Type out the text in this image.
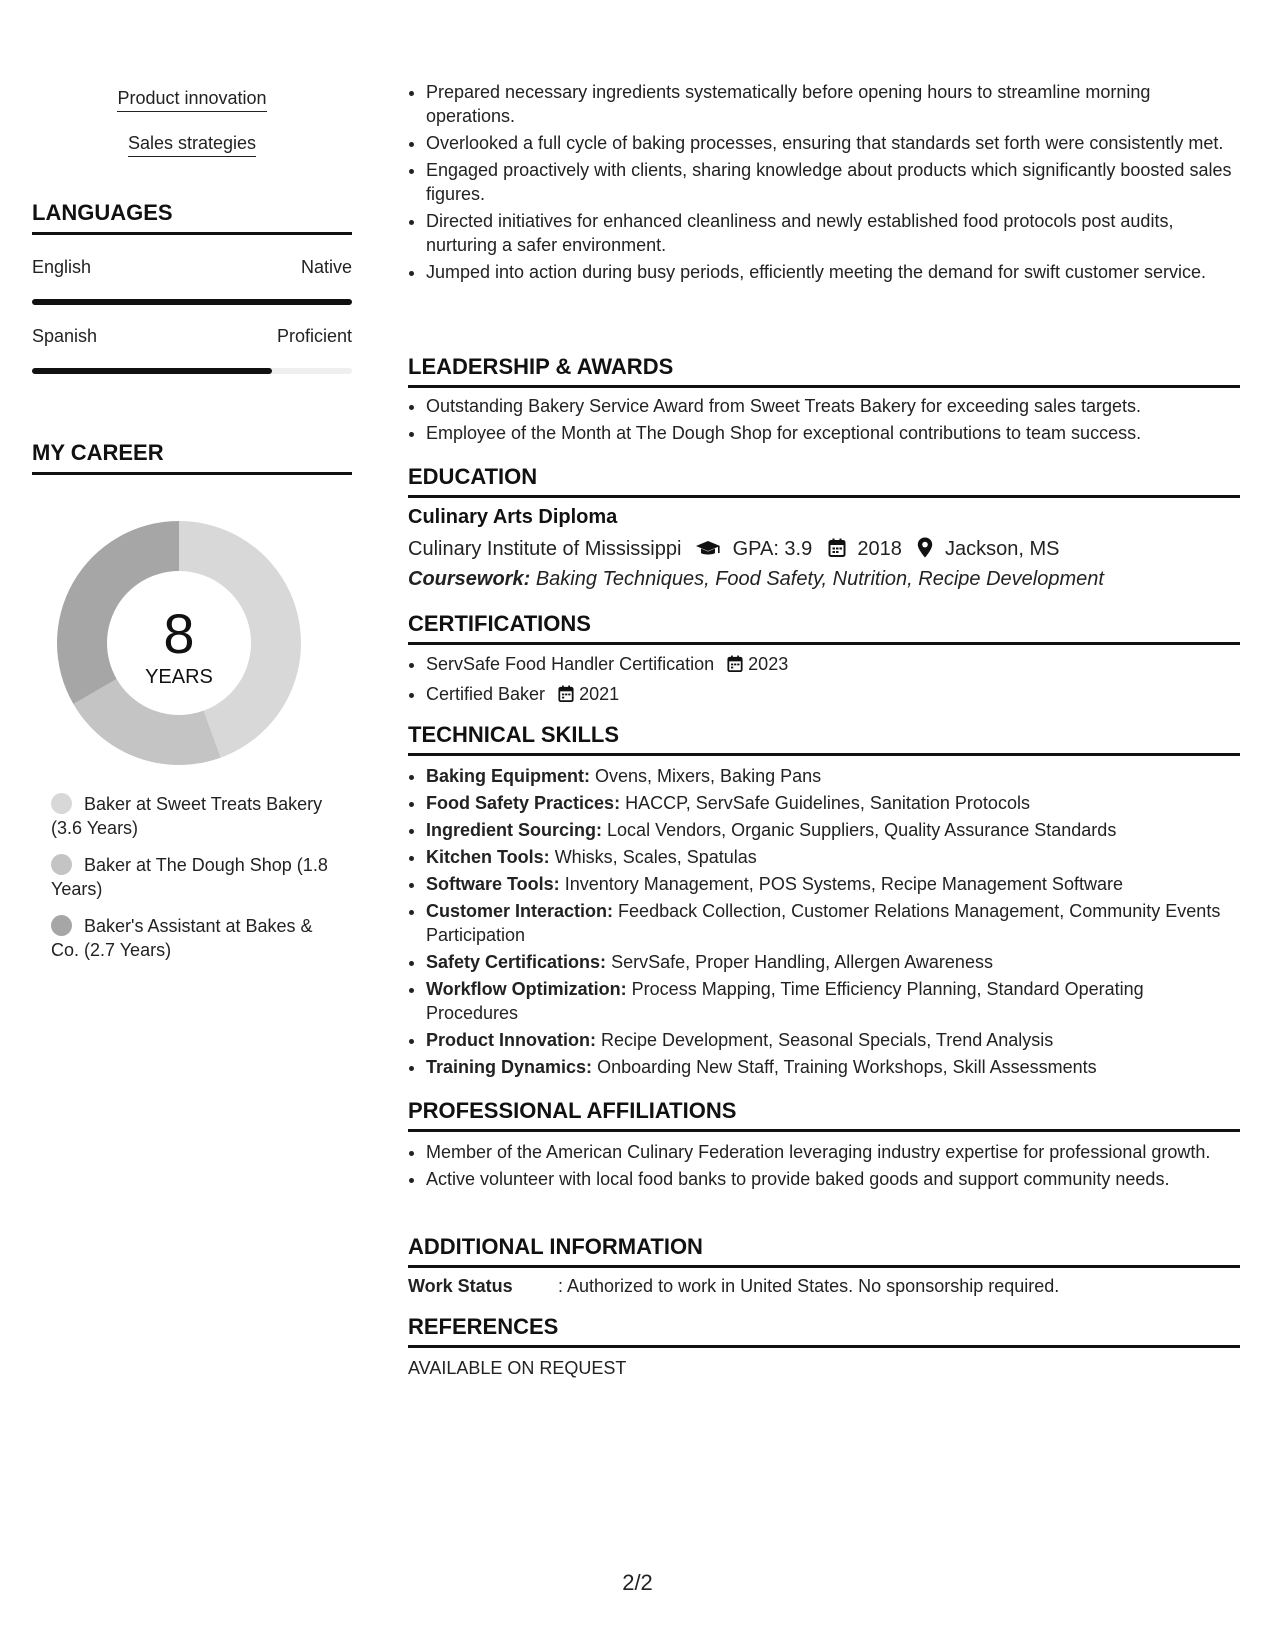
Product innovation
Sales strategies
LANGUAGES
English	Native
Spanish	Proficient
MY CAREER
8
YEARS
Baker at Sweet Treats Bakery (3.6 Years)
Baker at The Dough Shop (1.8 Years)
Baker's Assistant at Bakes & Co. (2.7 Years)
• Prepared necessary ingredients systematically before opening hours to streamline morning operations.
• Overlooked a full cycle of baking processes, ensuring that standards set forth were consistently met.
• Engaged proactively with clients, sharing knowledge about products which significantly boosted sales figures.
• Directed initiatives for enhanced cleanliness and newly established food protocols post audits, nurturing a safer environment.
• Jumped into action during busy periods, efficiently meeting the demand for swift customer service.
LEADERSHIP & AWARDS
• Outstanding Bakery Service Award from Sweet Treats Bakery for exceeding sales targets.
• Employee of the Month at The Dough Shop for exceptional contributions to team success.
EDUCATION
Culinary Arts Diploma
Culinary Institute of Mississippi	GPA: 3.9 2018 Jackson, MS
Coursework: Baking Techniques, Food Safety, Nutrition, Recipe Development
CERTIFICATIONS
• ServSafe Food Handler Certification 2023
• Certified Baker 2021
TECHNICAL SKILLS
• Baking Equipment: Ovens, Mixers, Baking Pans
• Food Safety Practices: HACCP, ServSafe Guidelines, Sanitation Protocols
• Ingredient Sourcing: Local Vendors, Organic Suppliers, Quality Assurance Standards
• Kitchen Tools: Whisks, Scales, Spatulas
• Software Tools: Inventory Management, POS Systems, Recipe Management Software
• Customer Interaction: Feedback Collection, Customer Relations Management, Community Events Participation
• Safety Certifications: ServSafe, Proper Handling, Allergen Awareness
• Workflow Optimization: Process Mapping, Time Efficiency Planning, Standard Operating Procedures
• Product Innovation: Recipe Development, Seasonal Specials, Trend Analysis
• Training Dynamics: Onboarding New Staff, Training Workshops, Skill Assessments
PROFESSIONAL AFFILIATIONS
• Member of the American Culinary Federation leveraging industry expertise for professional growth.
• Active volunteer with local food banks to provide baked goods and support community needs.
ADDITIONAL INFORMATION
Work Status	: Authorized to work in United States. No sponsorship required.
REFERENCES
AVAILABLE ON REQUEST
2/2
